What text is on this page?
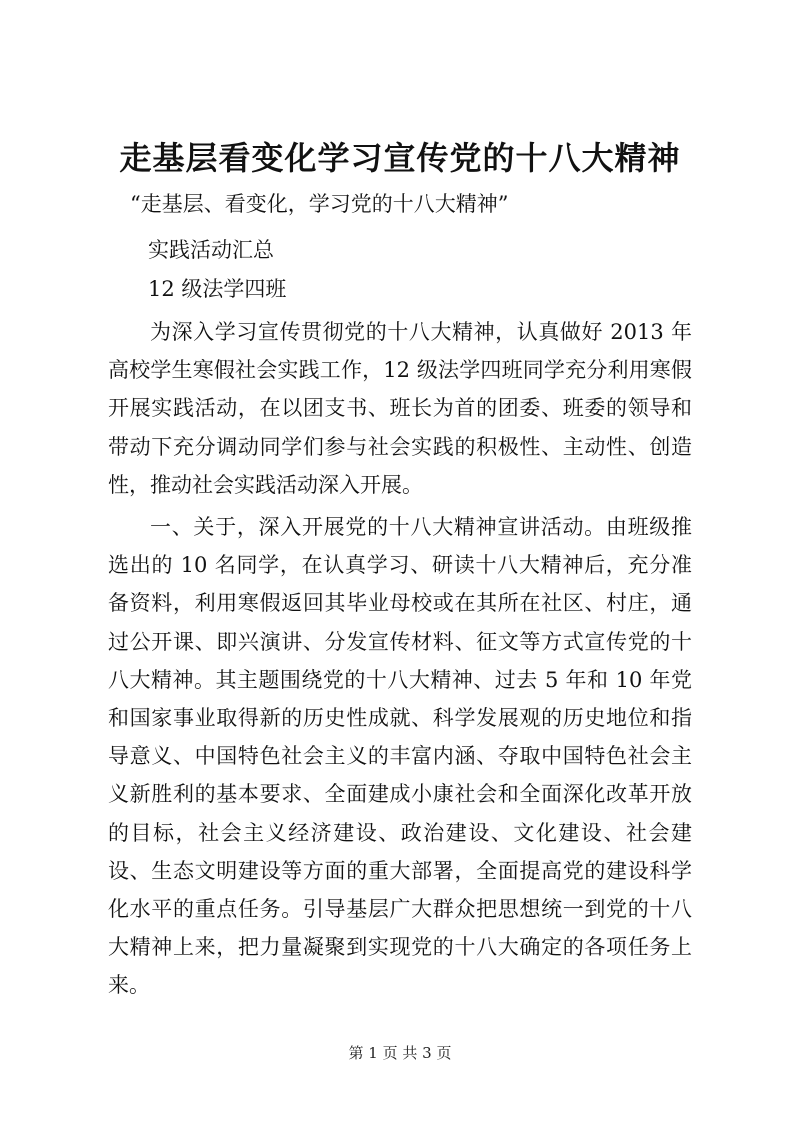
走基层看变化学习宣传党的十八大精神
“走基层、看变化，学习党的十八大精神”
实践活动汇总
12 级法学四班
为深入学习宣传贯彻党的十八大精神，认真做好 2013 年高校学生寒假社会实践工作，12 级法学四班同学充分利用寒假开展实践活动，在以团支书、班长为首的团委、班委的领导和带动下充分调动同学们参与社会实践的积极性、主动性、创造性，推动社会实践活动深入开展。
一、关于，深入开展党的十八大精神宣讲活动。由班级推选出的 10 名同学，在认真学习、研读十八大精神后，充分准备资料，利用寒假返回其毕业母校或在其所在社区、村庄，通过公开课、即兴演讲、分发宣传材料、征文等方式宣传党的十八大精神。其主题围绕党的十八大精神、过去 5 年和 10 年党和国家事业取得新的历史性成就、科学发展观的历史地位和指导意义、中国特色社会主义的丰富内涵、夺取中国特色社会主义新胜利的基本要求、全面建成小康社会和全面深化改革开放的目标，社会主义经济建设、政治建设、文化建设、社会建设、生态文明建设等方面的重大部署，全面提高党的建设科学化水平的重点任务。引导基层广大群众把思想统一到党的十八大精神上来，把力量凝聚到实现党的十八大确定的各项任务上来。
第 1 页 共 3 页
